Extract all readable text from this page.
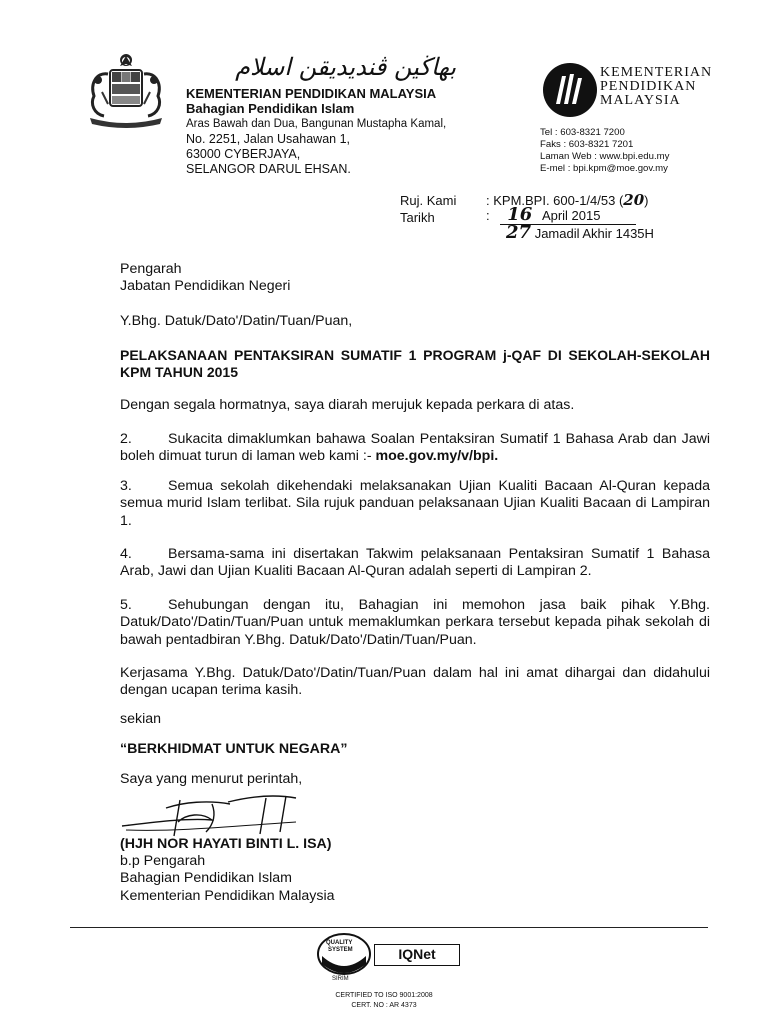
بهاڬين ڤنديديقن اسلام
KEMENTERIAN PENDIDIKAN MALAYSIA
Bahagian Pendidikan Islam
Aras Bawah dan Dua, Bangunan Mustapha Kamal,
No. 2251, Jalan Usahawan 1,
63000 CYBERJAYA,
SELANGOR DARUL EHSAN.
KEMENTERIAN
PENDIDIKAN
MALAYSIA
Tel : 603-8321 7200
Faks : 603-8321 7201
Laman Web : www.bpi.edu.my
E-mel : bpi.kpm@moe.gov.my
Ruj. Kami : KPM.BPI. 600-1/4/53 (20)
Tarikh	: 16 April 2015
27 Jamadil Akhir 1435H
Pengarah
Jabatan Pendidikan Negeri
Y.Bhg. Datuk/Dato'/Datin/Tuan/Puan,
PELAKSANAAN PENTAKSIRAN SUMATIF 1 PROGRAM j-QAF DI SEKOLAH-SEKOLAH KPM TAHUN 2015
Dengan segala hormatnya, saya diarah merujuk kepada perkara di atas.
2.	Sukacita dimaklumkan bahawa Soalan Pentaksiran Sumatif 1 Bahasa Arab dan Jawi boleh dimuat turun di laman web kami :- moe.gov.my/v/bpi.
3.	Semua sekolah dikehendaki melaksanakan Ujian Kualiti Bacaan Al-Quran kepada semua murid Islam terlibat. Sila rujuk panduan pelaksanaan Ujian Kualiti Bacaan di Lampiran 1.
4.	Bersama-sama ini disertakan Takwim pelaksanaan Pentaksiran Sumatif 1 Bahasa Arab, Jawi dan Ujian Kualiti Bacaan Al-Quran adalah seperti di Lampiran 2.
5.	Sehubungan dengan itu, Bahagian ini memohon jasa baik pihak Y.Bhg. Datuk/Dato'/Datin/Tuan/Puan untuk memaklumkan perkara tersebut kepada pihak sekolah di bawah pentadbiran Y.Bhg. Datuk/Dato'/Datin/Tuan/Puan.
Kerjasama Y.Bhg. Datuk/Dato'/Datin/Tuan/Puan dalam hal ini amat dihargai dan didahului dengan ucapan terima kasih.
sekian
“BERKHIDMAT UNTUK NEGARA”
Saya yang menurut perintah,
(HJH NOR HAYATI BINTI L. ISA)
b.p Pengarah
Bahagian Pendidikan Islam
Kementerian Pendidikan Malaysia
QUALITY
SYSTEM
SIRIM
IQNet
CERTIFIED TO ISO 9001:2008
CERT. NO : AR 4373
